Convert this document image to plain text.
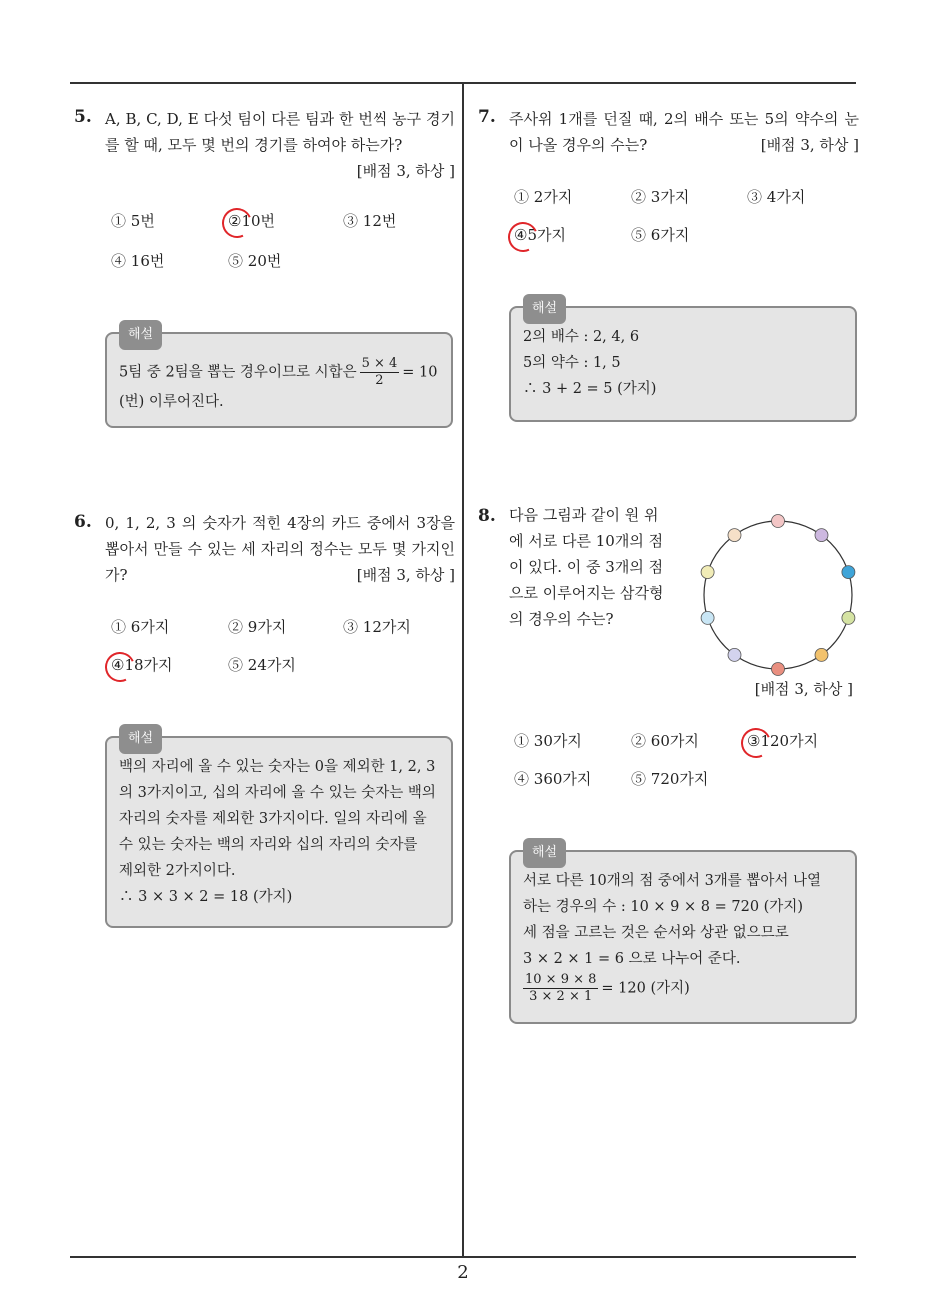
5. A, B, C, D, E 다섯 팀이 다른 팀과 한 번씩 농구 경기를 할 때, 모두 몇 번의 경기를 하여야 하는가?
[배점 3, 하상 ]
① 5번	②10번	③ 12번
④ 16번	⑤ 20번
해설
5팀 중 2팀을 뽑는 경우이므로 시합은 $\frac{5 \times 4}{2} = 10$
(번) 이루어진다.
6. 0, 1, 2, 3 의 숫자가 적힌 4장의 카드 중에서 3장을 뽑아서 만들 수 있는 세 자리의 정수는 모두 몇 가지인가?	[배점 3, 하상 ]
① 6가지	② 9가지	③ 12가지
④18가지	⑤ 24가지
해설
백의 자리에 올 수 있는 숫자는 0을 제외한 1, 2, 3
의 3가지이고, 십의 자리에 올 수 있는 숫자는 백의
자리의 숫자를 제외한 3가지이다. 일의 자리에 올
수 있는 숫자는 백의 자리와 십의 자리의 숫자를
제외한 2가지이다.
∴ 3 × 3 × 2 = 18 (가지)
7. 주사위 1개를 던질 때, 2의 배수 또는 5의 약수의 눈이 나올 경우의 수는?	[배점 3, 하상 ]
① 2가지	② 3가지	③ 4가지
④5가지	⑤ 6가지
해설
2의 배수 : 2, 4, 6
5의 약수 : 1, 5
∴ 3 + 2 = 5 (가지)
8. 다음 그림과 같이 원 위
에 서로 다른 10개의 점
이 있다. 이 중 3개의 점
으로 이루어지는 삼각형
의 경우의 수는?
[배점 3, 하상 ]
① 30가지	② 60가지	③120가지
④ 360가지	⑤ 720가지
해설
서로 다른 10개의 점 중에서 3개를 뽑아서 나열
하는 경우의 수 : 10 × 9 × 8 = 720 (가지)
세 점을 고르는 것은 순서와 상관 없으므로
3 × 2 × 1 = 6 으로 나누어 준다.
$\frac{10 \times 9 \times 8}{3 \times 2 \times 1} = 120$ (가지)
2
